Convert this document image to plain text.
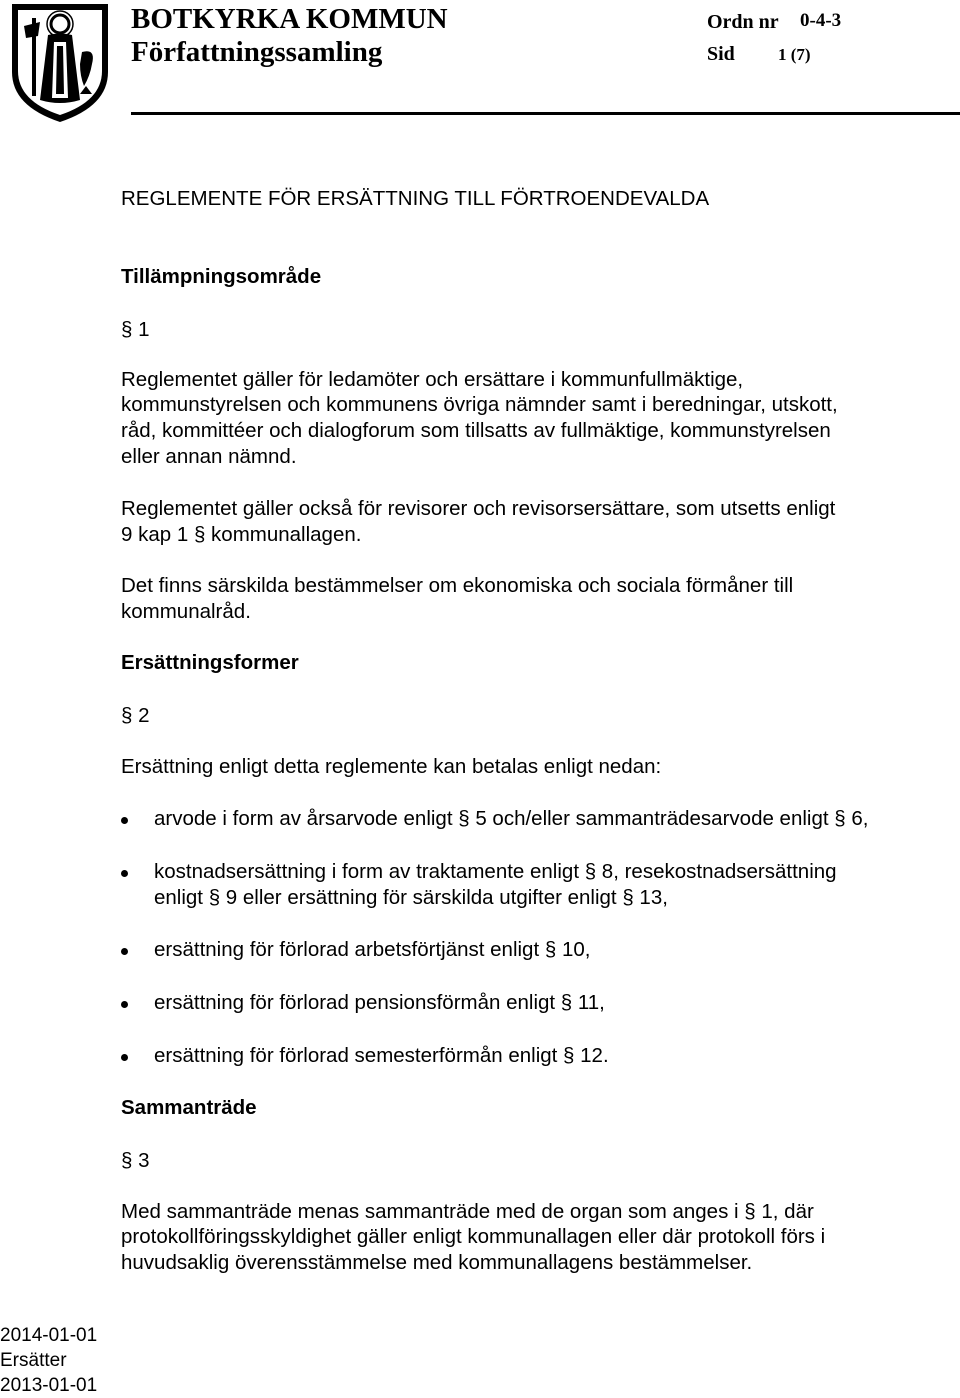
BOTKYRKA KOMMUN
Författningssamling
Ordn nr 0-4-3
Sid	1 (7)
REGLEMENTE FÖR ERSÄTTNING TILL FÖRTROENDEVALDA
Tillämpningsområde
§ 1
Reglementet gäller för ledamöter och ersättare i kommunfullmäktige,
kommunstyrelsen och kommunens övriga nämnder samt i beredningar, utskott,
råd, kommittéer och dialogforum som tillsatts av fullmäktige, kommunstyrelsen
eller annan nämnd.
Reglementet gäller också för revisorer och revisorsersättare, som utsetts enligt
9 kap 1 § kommunallagen.
Det finns särskilda bestämmelser om ekonomiska och sociala förmåner till
kommunalråd.
Ersättningsformer
§ 2
Ersättning enligt detta reglemente kan betalas enligt nedan:
arvode i form av årsarvode enligt § 5 och/eller sammanträdesarvode enligt § 6,
kostnadsersättning i form av traktamente enligt § 8, resekostnadsersättning
enligt § 9 eller ersättning för särskilda utgifter enligt § 13,
ersättning för förlorad arbetsförtjänst enligt § 10,
ersättning för förlorad pensionsförmån enligt § 11,
ersättning för förlorad semesterförmån enligt § 12.
Sammanträde
§ 3
Med sammanträde menas sammanträde med de organ som anges i § 1, där
protokollföringsskyldighet gäller enligt kommunallagen eller där protokoll förs i
huvudsaklig överensstämmelse med kommunallagens bestämmelser.
2014-01-01
Ersätter
2013-01-01
